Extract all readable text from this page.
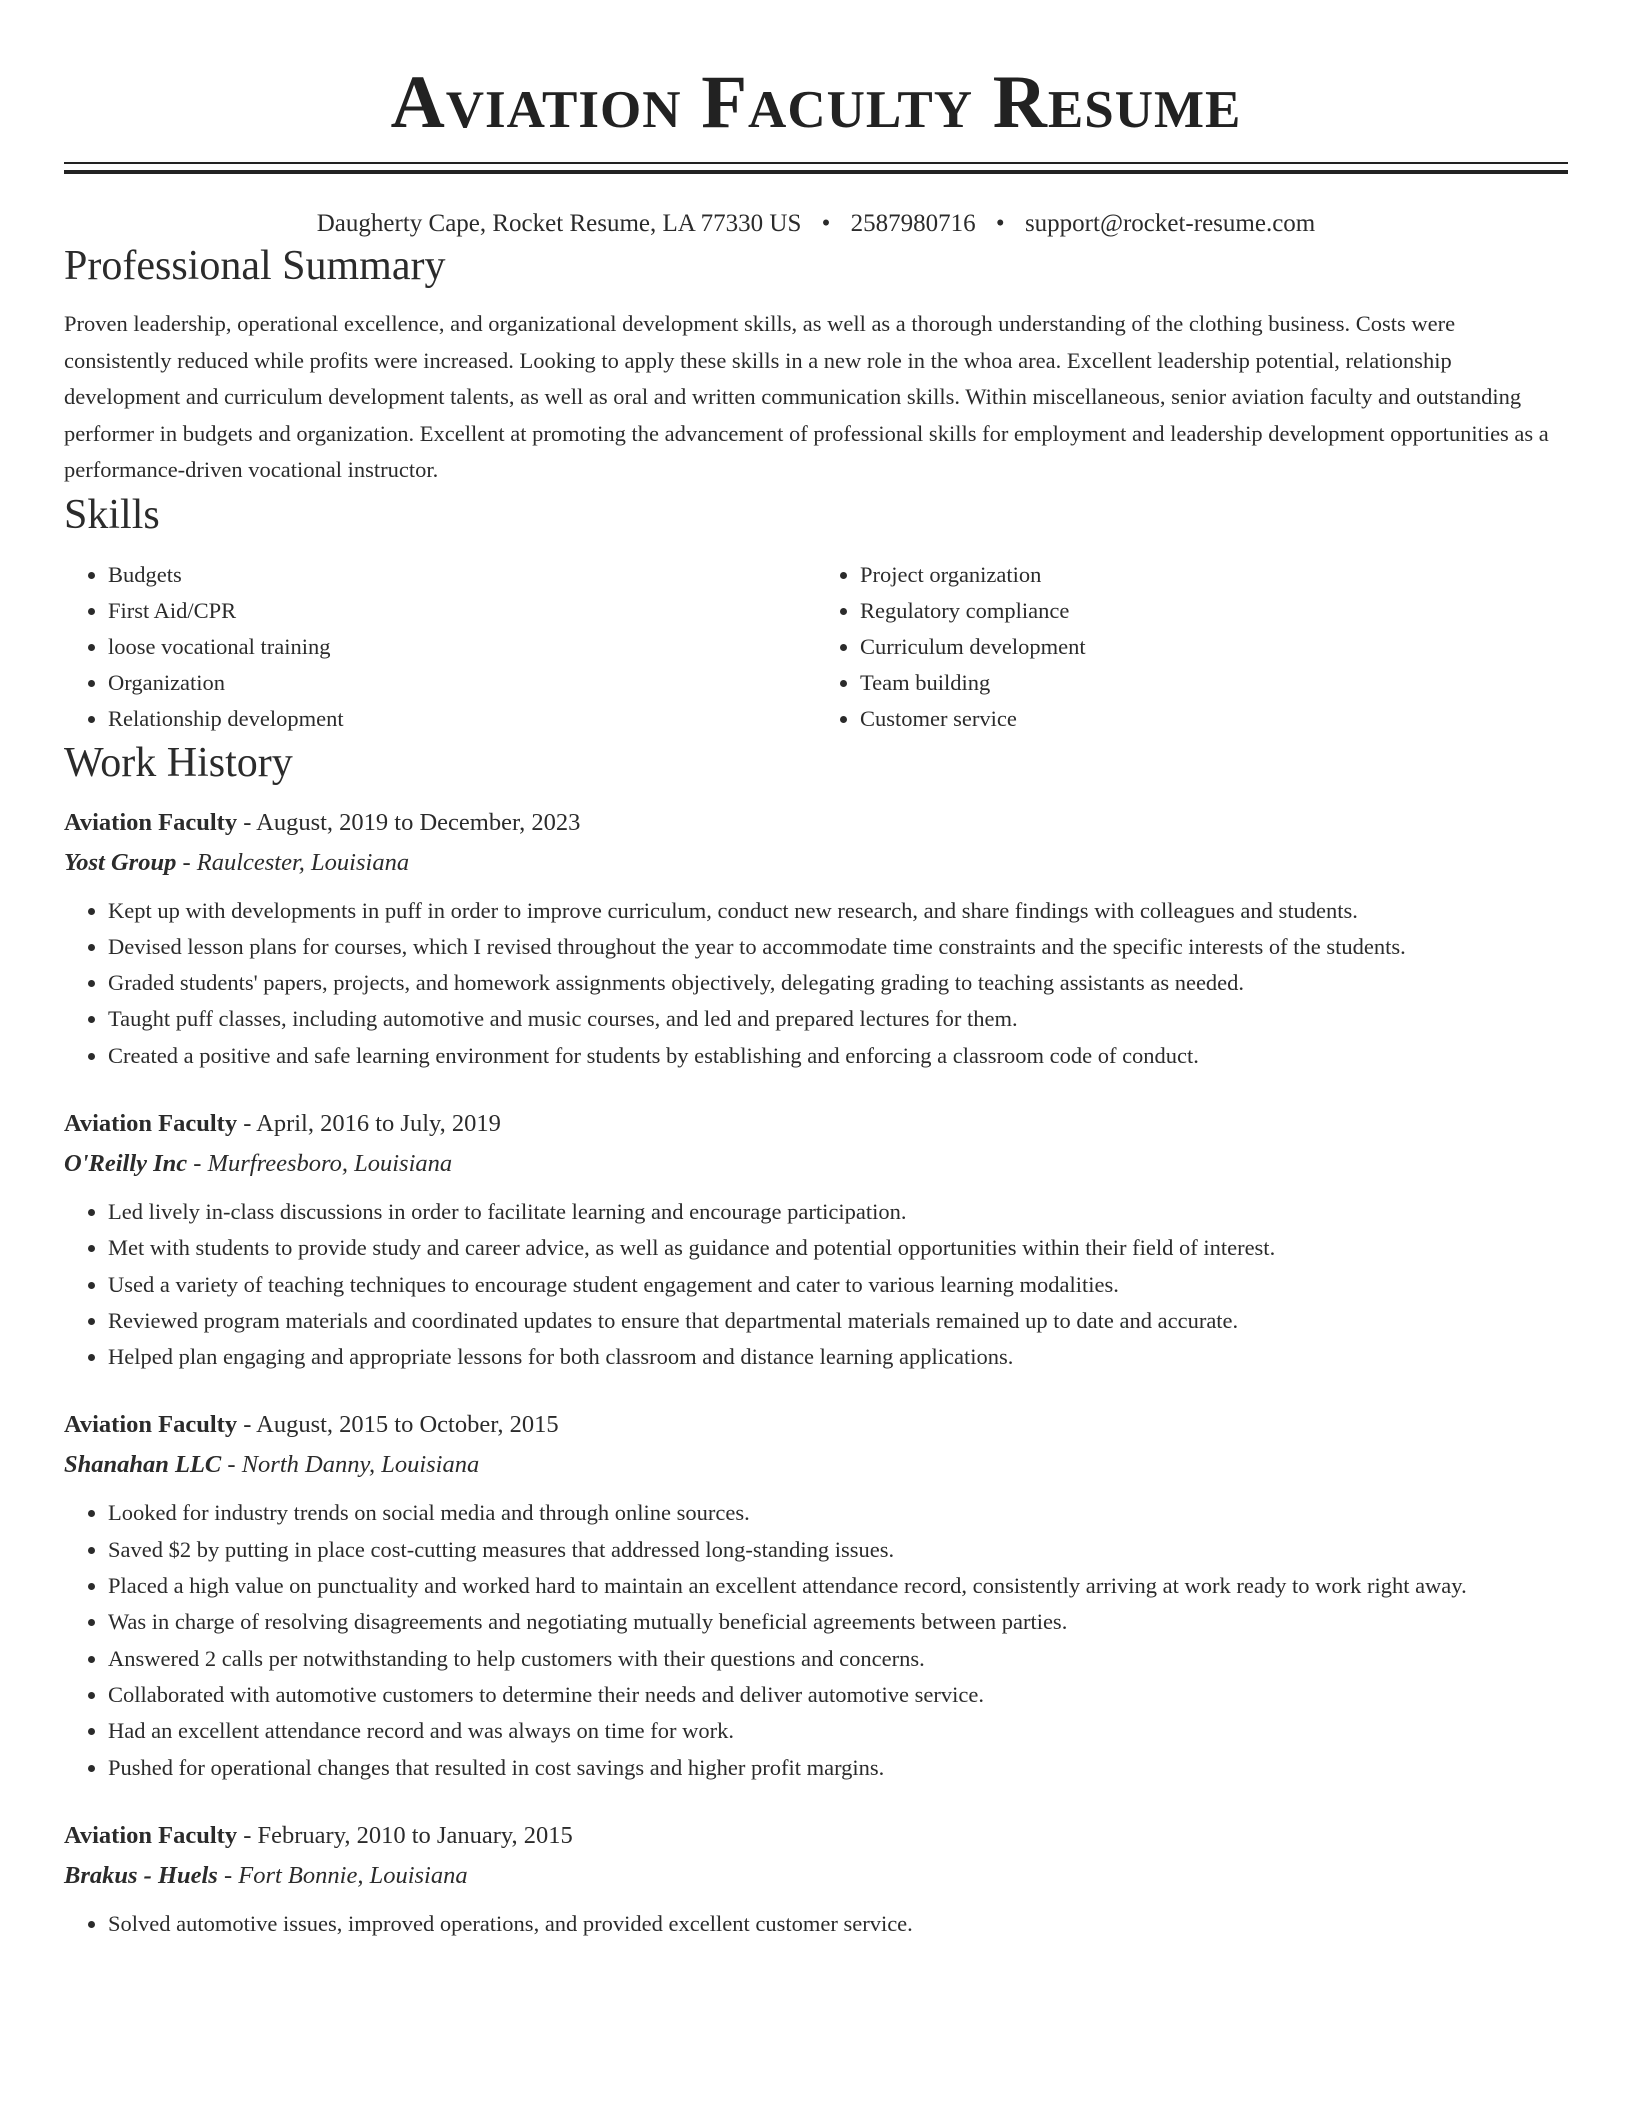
Aviation Faculty Resume
Daugherty Cape, Rocket Resume, LA 77330 US • 2587980716 • support@rocket-resume.com
Professional Summary

Proven leadership, operational excellence, and organizational development skills, as well as a thorough understanding of the clothing business. Costs were consistently reduced while profits were increased. Looking to apply these skills in a new role in the whoa area. Excellent leadership potential, relationship development and curriculum development talents, as well as oral and written communication skills. Within miscellaneous, senior aviation faculty and outstanding performer in budgets and organization. Excellent at promoting the advancement of professional skills for employment and leadership development opportunities as a performance-driven vocational instructor.

Skills
• Budgets
• First Aid/CPR
• loose vocational training
• Organization
• Relationship development
• Project organization
• Regulatory compliance
• Curriculum development
• Team building
• Customer service
Work History

Aviation Faculty - August, 2019 to December, 2023

Yost Group - Raulcester, Louisiana

• Kept up with developments in puff in order to improve curriculum, conduct new research, and share findings with colleagues and students.
• Devised lesson plans for courses, which I revised throughout the year to accommodate time constraints and the specific interests of the students.
• Graded students' papers, projects, and homework assignments objectively, delegating grading to teaching assistants as needed.
• Taught puff classes, including automotive and music courses, and led and prepared lectures for them.
• Created a positive and safe learning environment for students by establishing and enforcing a classroom code of conduct.

Aviation Faculty - April, 2016 to July, 2019

O'Reilly Inc - Murfreesboro, Louisiana

• Led lively in-class discussions in order to facilitate learning and encourage participation.
• Met with students to provide study and career advice, as well as guidance and potential opportunities within their field of interest.
• Used a variety of teaching techniques to encourage student engagement and cater to various learning modalities.
• Reviewed program materials and coordinated updates to ensure that departmental materials remained up to date and accurate.
• Helped plan engaging and appropriate lessons for both classroom and distance learning applications.

Aviation Faculty - August, 2015 to October, 2015

Shanahan LLC - North Danny, Louisiana

• Looked for industry trends on social media and through online sources.
• Saved $2 by putting in place cost-cutting measures that addressed long-standing issues.
• Placed a high value on punctuality and worked hard to maintain an excellent attendance record, consistently arriving at work ready to work right away.
• Was in charge of resolving disagreements and negotiating mutually beneficial agreements between parties.
• Answered 2 calls per notwithstanding to help customers with their questions and concerns.
• Collaborated with automotive customers to determine their needs and deliver automotive service.
• Had an excellent attendance record and was always on time for work.
• Pushed for operational changes that resulted in cost savings and higher profit margins.

Aviation Faculty - February, 2010 to January, 2015

Brakus - Huels - Fort Bonnie, Louisiana

• Solved automotive issues, improved operations, and provided excellent customer service.
